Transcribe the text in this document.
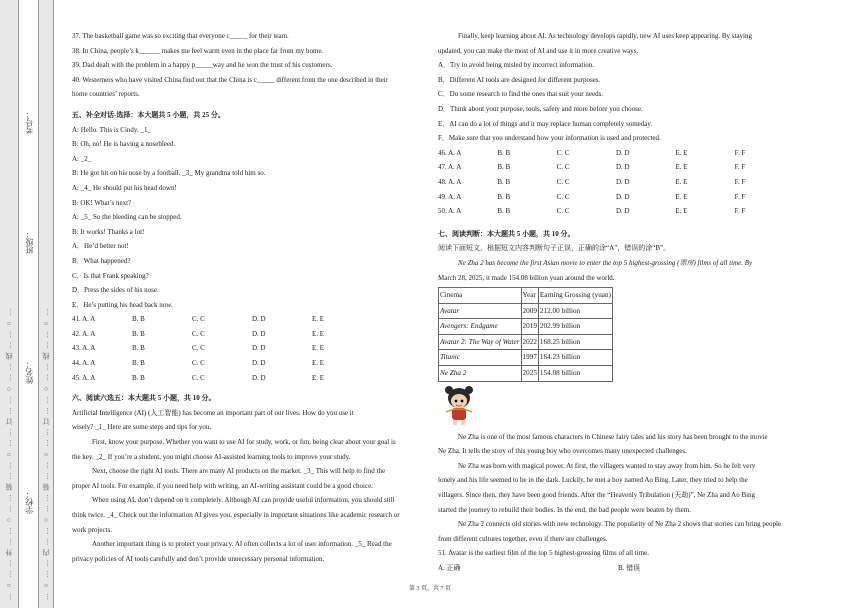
… ○ … … 外 … … ○ … … 装 … … ○ … … 订 … … ○ … … 线 … … ○ …	… ○ … … 内 … … ○ … … 装 … … ○ … … 订 … … ○ … … 线 … … ○ …
学校：
姓名：
班级：
考号：

37. The basketball game was so exciting that everyone c_____ for their team.

38. In China, people’s k______ makes me feel warm even in the place far from my home.

39. Dad dealt with the problem in a happy p_____way and he won the trust of his customers.

40. Westerners who have visited China find out that the China is c_____ different from the one described in their

home countries’ reports.

五、补全对话-选择：本大题共 5 小题，共 25 分。

A: Hello. This is Cindy. _1_

B: Oh, no! He is having a nosebleed.

A: _2_

B: He got hit on his nose by a football. _3_ My grandma told him so.

A: _4_ He should put his head down!

B: OK! What’s next?

A: _5_ So the bleeding can be stopped.

B: It works! Thanks a lot!

A．He’d better not!

B．What happened?

C．Is that Frank speaking?

D．Press the sides of his nose.

E．He’s putting his head back now.

41. A. A	B. B	C. C	D. D	E. E
42. A. A	B. B	C. C	D. D	E. E
43. A. A	B. B	C. C	D. D	E. E
44. A. A	B. B	C. C	D. D	E. E
45. A. A	B. B	C. C	D. D	E. E

六、阅读六选五：本大题共 5 小题，共 10 分。

Artificial Intelligence (AI) (人工智能) has become an important part of our lives. How do you use it

wisely? _1_ Here are some steps and tips for you.

First, know your purpose. Whether you want to use AI for study, work, or fun, being clear about your goal is

the key. _2_ If you’re a student, you might choose AI-assisted learning tools to improve your study.

Next, choose the right AI tools. There are many AI products on the market. _3_ This will help to find the

proper AI tools. For example, if you need help with writing, an AI-writing assistant could be a good choice.

When using AI, don’t depend on it completely. Although AI can provide useful information, you should still

think twice. _4_ Check out the information AI gives you, especially in important situations like academic research or

work projects.

Another important thing is to protect your privacy. AI often collects a lot of user information. _5_ Read the

privacy policies of AI tools carefully and don’t provide unnecessary personal information.

Finally, keep learning about AI. As technology develops rapidly, new AI uses keep appearing. By staying

updated, you can make the most of AI and use it in more creative ways.

A．Try to avoid being misled by incorrect information.

B．Different AI tools are designed for different purposes.

C．Do some research to find the ones that suit your needs.

D．Think about your purpose, tools, safety and more before you choose.

E．AI can do a lot of things and it may replace human completely someday.

F．Make sure that you understand how your information is used and protected.

46. A. A	B. B	C. C	D. D	E. E	F. F
47. A. A	B. B	C. C	D. D	E. E	F. F
48. A. A	B. B	C. C	D. D	E. E	F. F
49. A. A	B. B	C. C	D. D	E. E	F. F
50. A. A	B. B	C. C	D. D	E. E	F. F

七、阅读判断：本大题共 5 小题，共 10 分。

阅读下面短文，根据短文内容判断句子正误，正确的涂“A”，错误的涂“B”。

Ne Zha 2 has become the first Asian movie to enter the top 5 highest-grossing (票房) films of all time. By

March 28, 2025, it made 154.08 billion yuan around the world.

Cinema	Year	Earning Grossing (yuan)
Avatar	2009	212.00 billion
Avengers: Endgame	2019	202.99 billion
Avatar 2: The Way of Water	2022	168.25 billion
Titanic	1997	164.23 billion
Ne Zha 2	2025	154.08 billion

Ne Zha is one of the most famous characters in Chinese fairy tales and his story has been brought to the movie

Ne Zha. It tells the story of this young boy who overcomes many unexpected challenges.

Ne Zha was born with magical power. At first, the villagers wanted to stay away from him. So he felt very

lonely and his life seemed to be in the dark. Luckily, he met a boy named Ao Bing. Later, they tried to help the

villagers. Since then, they have been good friends. After the “Heavenly Tribulation (天劫)”, Ne Zha and Ao Bing

started the journey to rebuild their bodies. In the end, the bad people were beaten by them.

Ne Zha 2 connects old stories with new technology. The popularity of Ne Zha 2 shows that stories can bring people

from different cultures together, even if there are challenges.

51. Avatar is the earliest film of the top 5 highest-grossing films of all time.

A. 正确	B. 错误
第 3 页，共 7 页
